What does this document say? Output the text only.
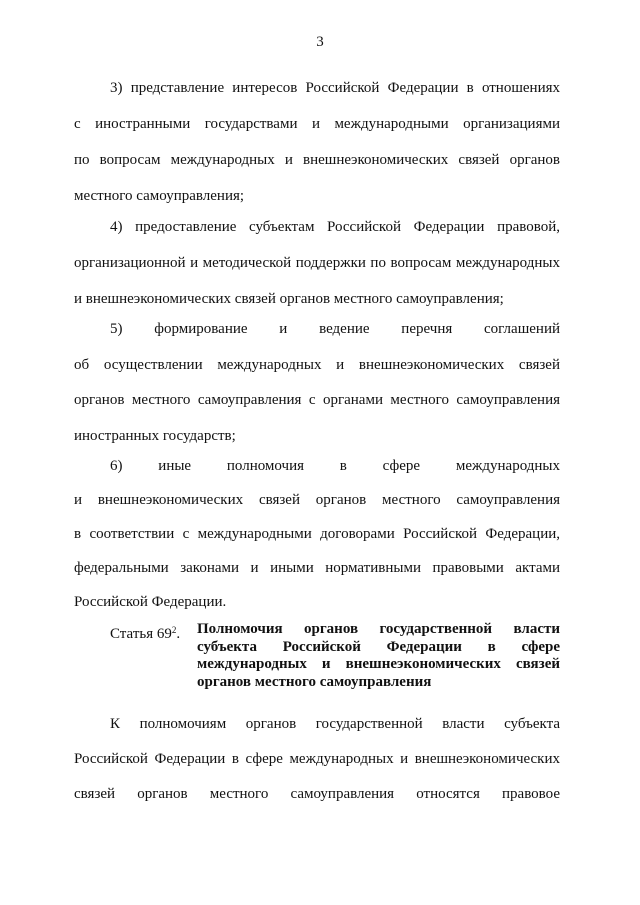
3
3) представление интересов Российской Федерации в отношениях
с иностранными государствами и международными организациями
по вопросам международных и внешнеэкономических связей органов
местного самоуправления;
4) предоставление субъектам Российской Федерации правовой,
организационной и методической поддержки по вопросам международных
и внешнеэкономических связей органов местного самоуправления;
5) формирование и ведение перечня соглашений
об осуществлении международных и внешнеэкономических связей
органов местного самоуправления с органами местного самоуправления
иностранных государств;
6) иные полномочия в сфере международных
и внешнеэкономических связей органов местного самоуправления
в соответствии с международными договорами Российской Федерации,
федеральными законами и иными нормативными правовыми актами
Российской Федерации.
Статья $69^2$. Полномочия органов государственной власти
субъекта Российской Федерации в сфере
международных и внешнеэкономических связей
органов местного самоуправления
К полномочиям органов государственной власти субъекта
Российской Федерации в сфере международных и внешнеэкономических
связей органов местного самоуправления относятся правовое
